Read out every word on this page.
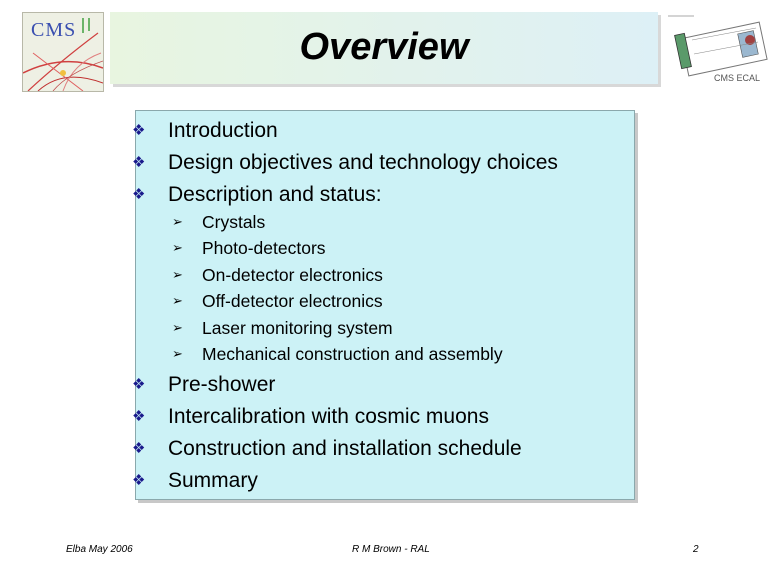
CMS	Overview
CMS ECAL
❖	Introduction
❖	Design objectives and technology choices
❖	Description and status:
➢ Crystals
➢ Photo-detectors
➢ On-detector electronics
➢ Off-detector electronics
➢ Laser monitoring system
➢ Mechanical construction and assembly
❖	Pre-shower
❖	Intercalibration with cosmic muons
❖	Construction and installation schedule
❖	Summary
Elba May 2006	R M Brown - RAL	2
